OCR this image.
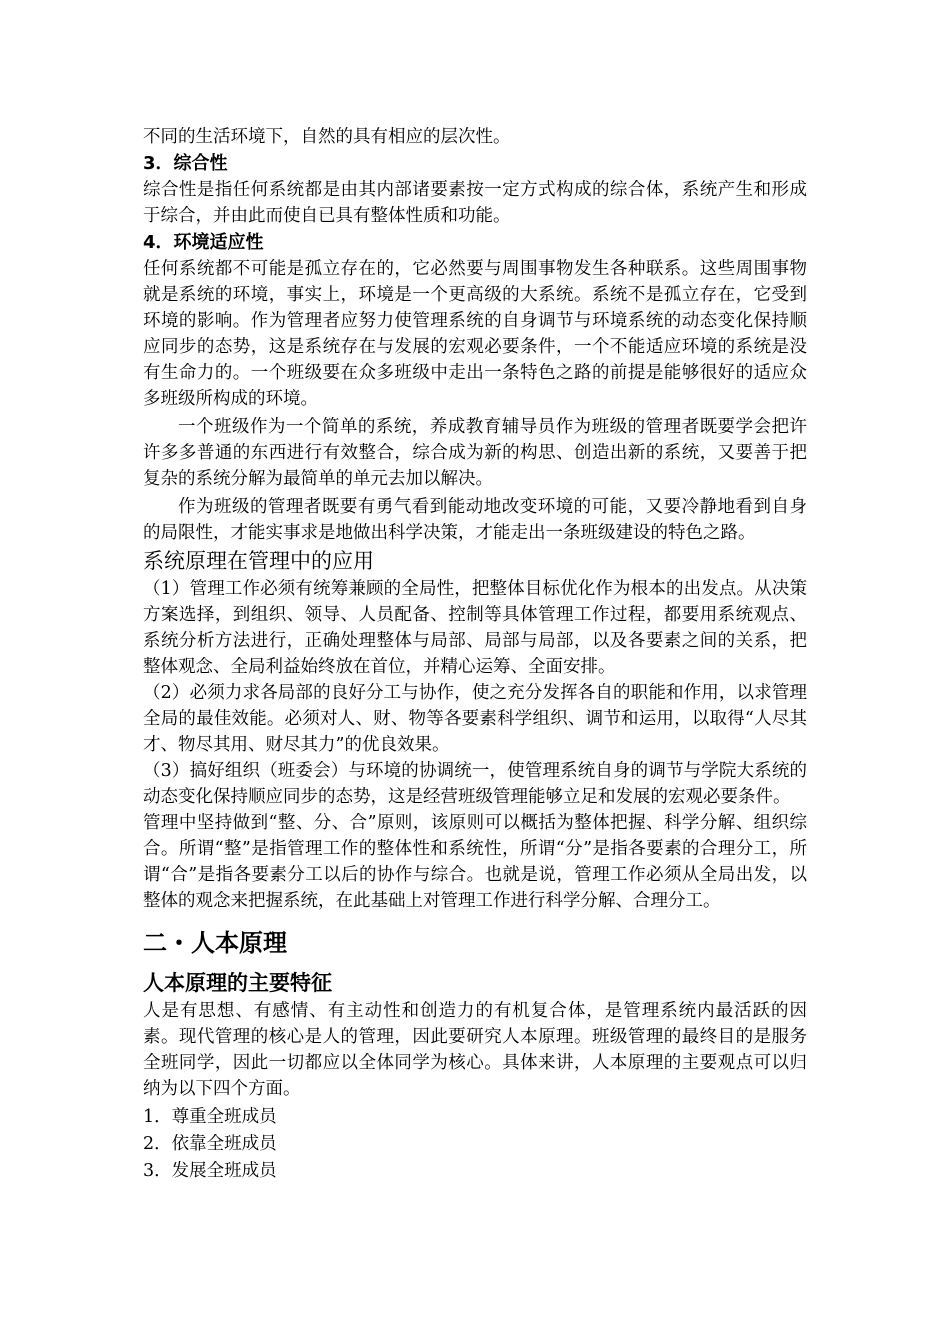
不同的生活环境下，自然的具有相应的层次性。

3．综合性

综合性是指任何系统都是由其内部诸要素按一定方式构成的综合体，系统产生和形成于综合，并由此而使自已具有整体性质和功能。

4．环境适应性

任何系统都不可能是孤立存在的，它必然要与周围事物发生各种联系。这些周围事物就是系统的环境，事实上，环境是一个更高级的大系统。系统不是孤立存在，它受到环境的影响。作为管理者应努力使管理系统的自身调节与环境系统的动态变化保持顺应同步的态势，这是系统存在与发展的宏观必要条件，一个不能适应环境的系统是没有生命力的。一个班级要在众多班级中走出一条特色之路的前提是能够很好的适应众多班级所构成的环境。

一个班级作为一个简单的系统，养成教育辅导员作为班级的管理者既要学会把许 许多多普通的东西进行有效整合，综合成为新的构思、创造出新的系统，又要善于把复杂的系统分解为最简单的单元去加以解决。

作为班级的管理者既要有勇气看到能动地改变环境的可能，又要冷静地看到自身的局限性，才能实事求是地做出科学决策，才能走出一条班级建设的特色之路。

系统原理在管理中的应用

（1）管理工作必须有统筹兼顾的全局性，把整体目标优化作为根本的出发点。从决策方案选择，到组织、领导、人员配备、控制等具体管理工作过程，都要用系统观点、系统分析方法进行，正确处理整体与局部、局部与局部，以及各要素之间的关系，把整体观念、全局利益始终放在首位，并精心运筹、全面安排。

（2）必须力求各局部的良好分工与协作，使之充分发挥各自的职能和作用，以求管理全局的最佳效能。必须对人、财、物等各要素科学组织、调节和运用，以取得“人尽其才、物尽其用、财尽其力”的优良效果。

（3）搞好组织（班委会）与环境的协调统一，使管理系统自身的调节与学院大系统的动态变化保持顺应同步的态势，这是经营班级管理能够立足和发展的宏观必要条件。

管理中坚持做到“整、分、合”原则，该原则可以概括为整体把握、科学分解、组织综合。所谓“整”是指管理工作的整体性和系统性，所谓“分”是指各要素的合理分工，所谓“合”是指各要素分工以后的协作与综合。也就是说，管理工作必须从全局出发，以整体的观念来把握系统，在此基础上对管理工作进行科学分解、合理分工。

二・人本原理
人本原理的主要特征

人是有思想、有感情、有主动性和创造力的有机复合体，是管理系统内最活跃的因素。现代管理的核心是人的管理，因此要研究人本原理。班级管理的最终目的是服务全班同学，因此一切都应以全体同学为核心。具体来讲，人本原理的主要观点可以归纳为以下四个方面。

1．尊重全班成员
2．依靠全班成员
3．发展全班成员
